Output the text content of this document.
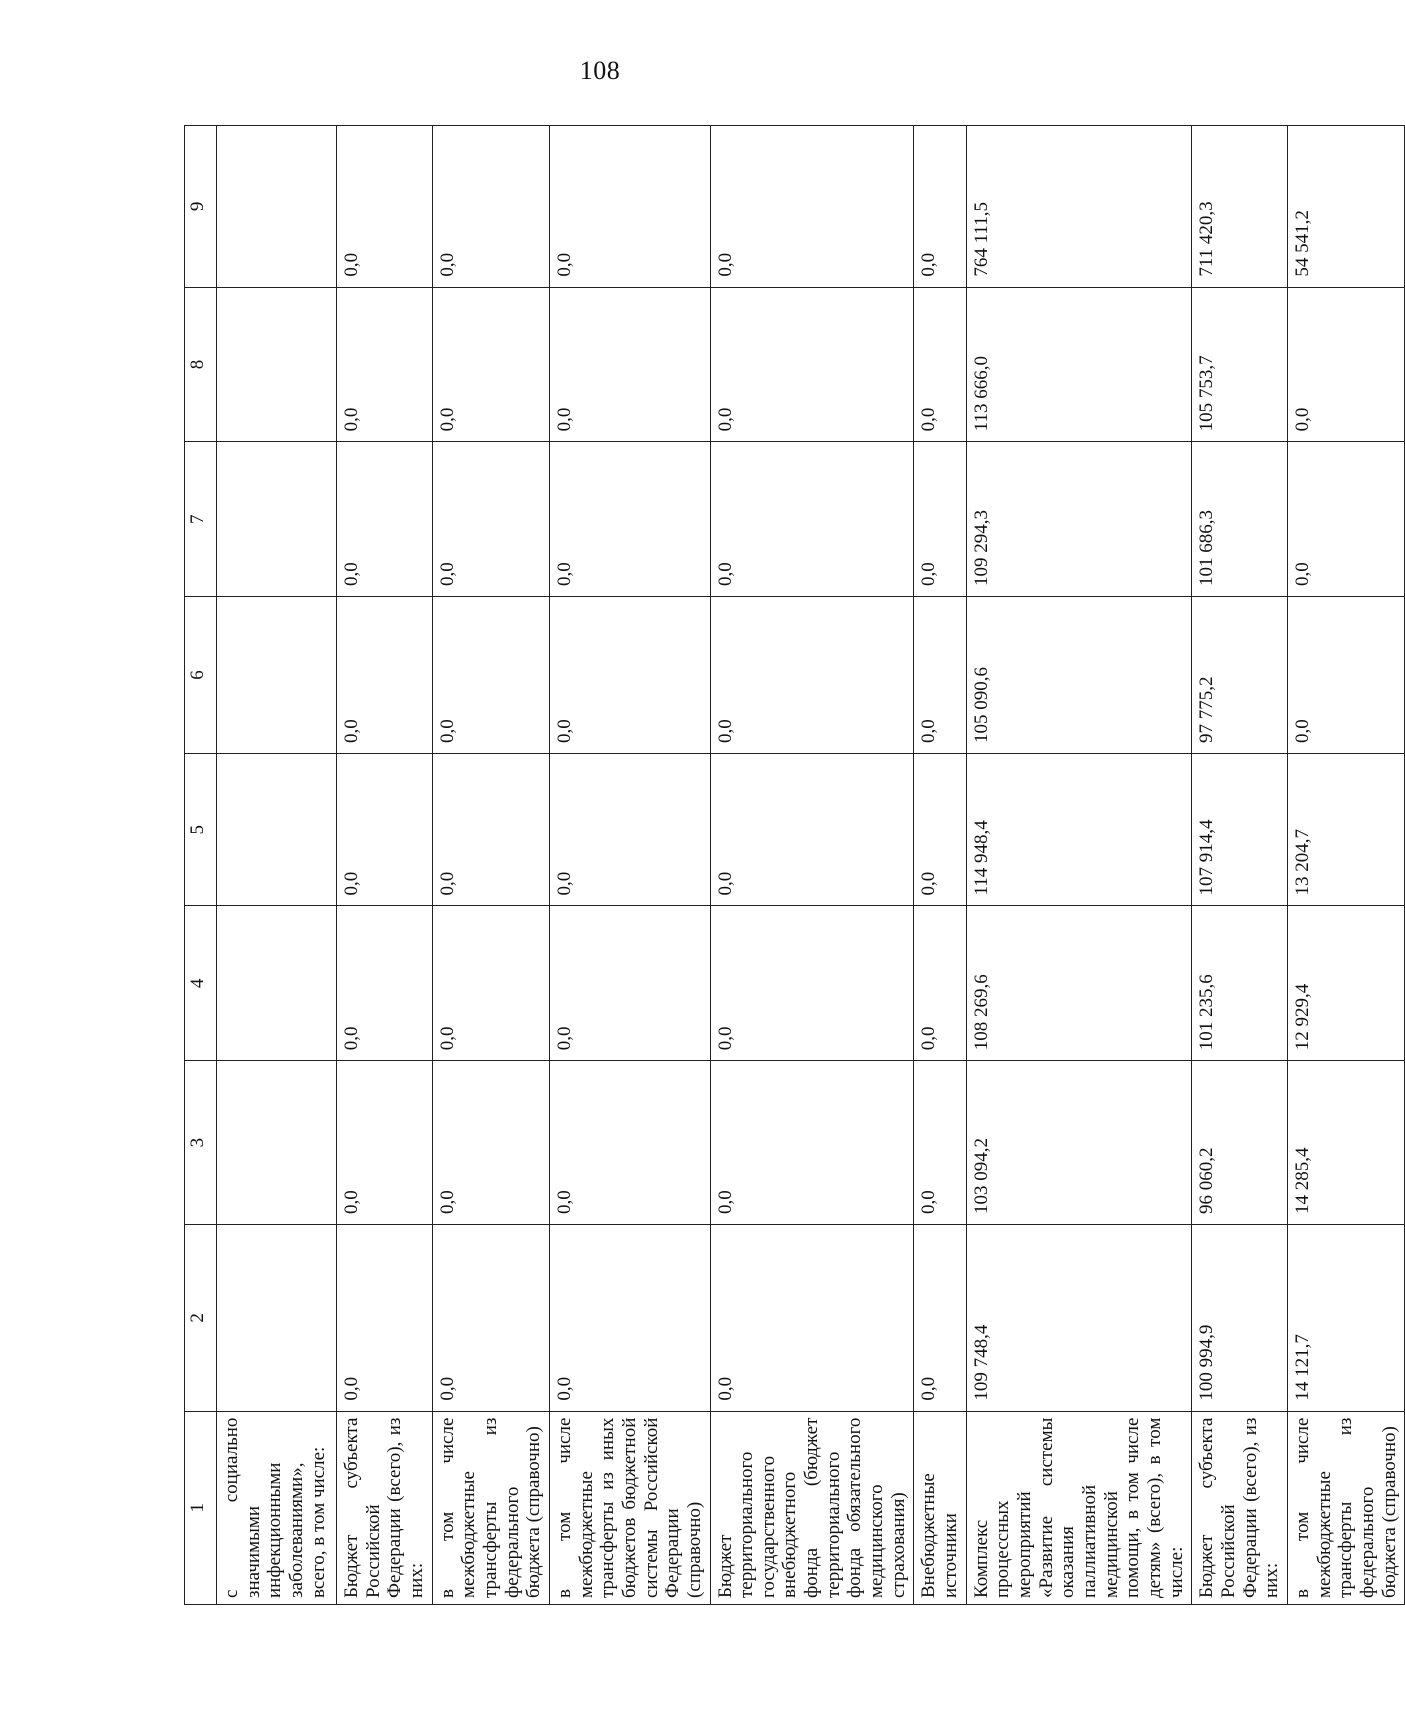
108
1	2	3	4	5	6	7	8	9
с социально значимыми инфекционными заболеваниями», всего, в том числе:								
Бюджет субъекта Российской Федерации (всего), из них:	0,0	0,0	0,0	0,0	0,0	0,0	0,0	0,0
в том числе межбюджетные трансферты из федерального бюджета (справочно)	0,0	0,0	0,0	0,0	0,0	0,0	0,0	0,0
в том числе межбюджетные трансферты из иных бюджетов бюджетной системы Российской Федерации (справочно)	0,0	0,0	0,0	0,0	0,0	0,0	0,0	0,0
Бюджет территориального государственного внебюджетного фонда (бюджет территориального фонда обязательного медицинского страхования)	0,0	0,0	0,0	0,0	0,0	0,0	0,0	0,0
Внебюджетные источники	0,0	0,0	0,0	0,0	0,0	0,0	0,0	0,0
Комплекс процессных мероприятий «Развитие системы оказания паллиативной медицинской помощи, в том числе детям» (всего), в том числе:	109 748,4	103 094,2	108 269,6	114 948,4	105 090,6	109 294,3	113 666,0	764 111,5
Бюджет субъекта Российской Федерации (всего), из них:	100 994,9	96 060,2	101 235,6	107 914,4	97 775,2	101 686,3	105 753,7	711 420,3
в том числе межбюджетные трансферты из федерального бюджета (справочно)	14 121,7	14 285,4	12 929,4	13 204,7	0,0	0,0	0,0	54 541,2
